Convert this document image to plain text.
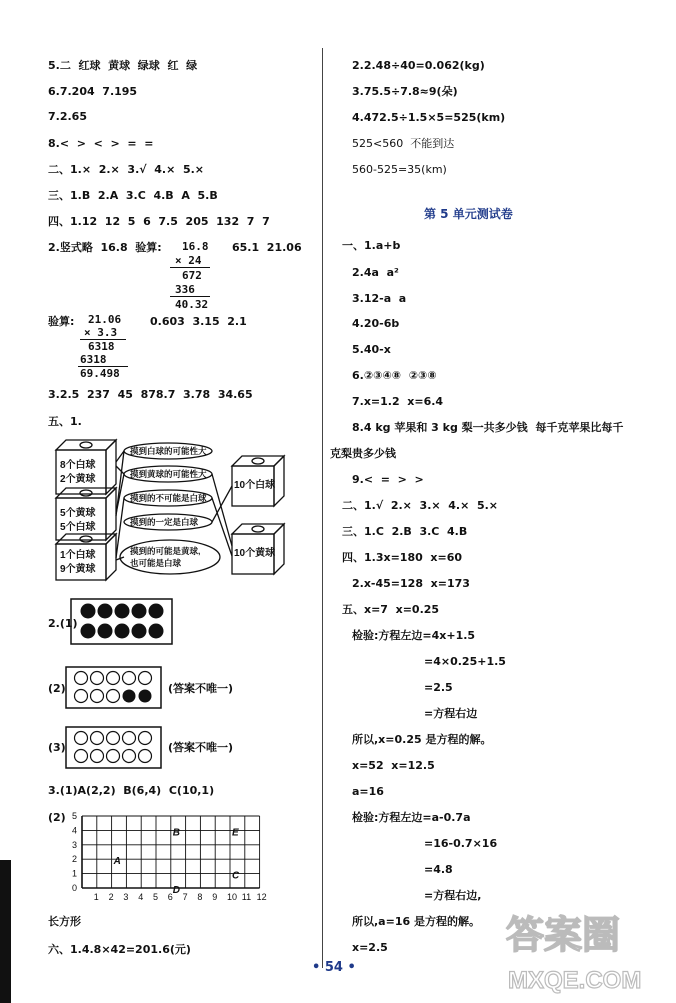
5.二  红球  黄球  绿球  红  绿
6.7.204  7.195
7.2.65
8.<  >  <  >  =  =
二、1.×  2.×  3.√  4.×  5.×
三、1.B  2.A  3.C  4.B  A  5.B
四、1.12  12  5  6  7.5  205  132  7  7
2.竖式略  16.8  验算:	65.1  21.06
16.8
× 24
672
336
40.32
验算:	0.603  3.15  2.1
21.06
× 3.3
6318
6318
69.498
3.2.5  237  45  878.7  3.78  34.65
五、1.
8个白球
2个黄球
5个黄球
5个白球
1个白球
9个黄球
摸到白球的可能性大
摸到黄球的可能性大
摸到的不可能是白球
摸到的一定是白球
摸到的可能是黄球,
也可能是白球
10个白球
10个黄球
2.(1)
(2)	(答案不唯一)
(3)	(答案不唯一)
3.(1)A(2,2)  B(6,4)  C(10,1)
(2)
1 2 3 4 5 6 7 8 9 10 11 12
0
1
2
3
4
5
A
B
C
D
E
长方形
六、1.4.8×42=201.6(元)
2.2.48÷40=0.062(kg)
3.75.5÷7.8≈9(朵)
4.472.5÷1.5×5=525(km)
525<560  不能到达
560-525=35(km)
第 5 单元测试卷
一、1.a+b
2.4a  a²
3.12-a  a
4.20-6b
5.40-x
6.②③④⑧  ②③⑧
7.x=1.2  x=6.4
8.4 kg 苹果和 3 kg 梨一共多少钱  每千克苹果比每千
克梨贵多少钱
9.<  =  >  >
二、1.√  2.×  3.×  4.×  5.×
三、1.C  2.B  3.C  4.B
四、1.3x=180  x=60
2.x-45=128  x=173
五、x=7  x=0.25
检验:方程左边=4x+1.5
=4×0.25+1.5
=2.5
=方程右边
所以,x=0.25 是方程的解。
x=52  x=12.5
a=16
检验:方程左边=a-0.7a
=16-0.7×16
=4.8
=方程右边,
所以,a=16 是方程的解。
x=2.5
• 54 •
答案圈
MXQE.COM
